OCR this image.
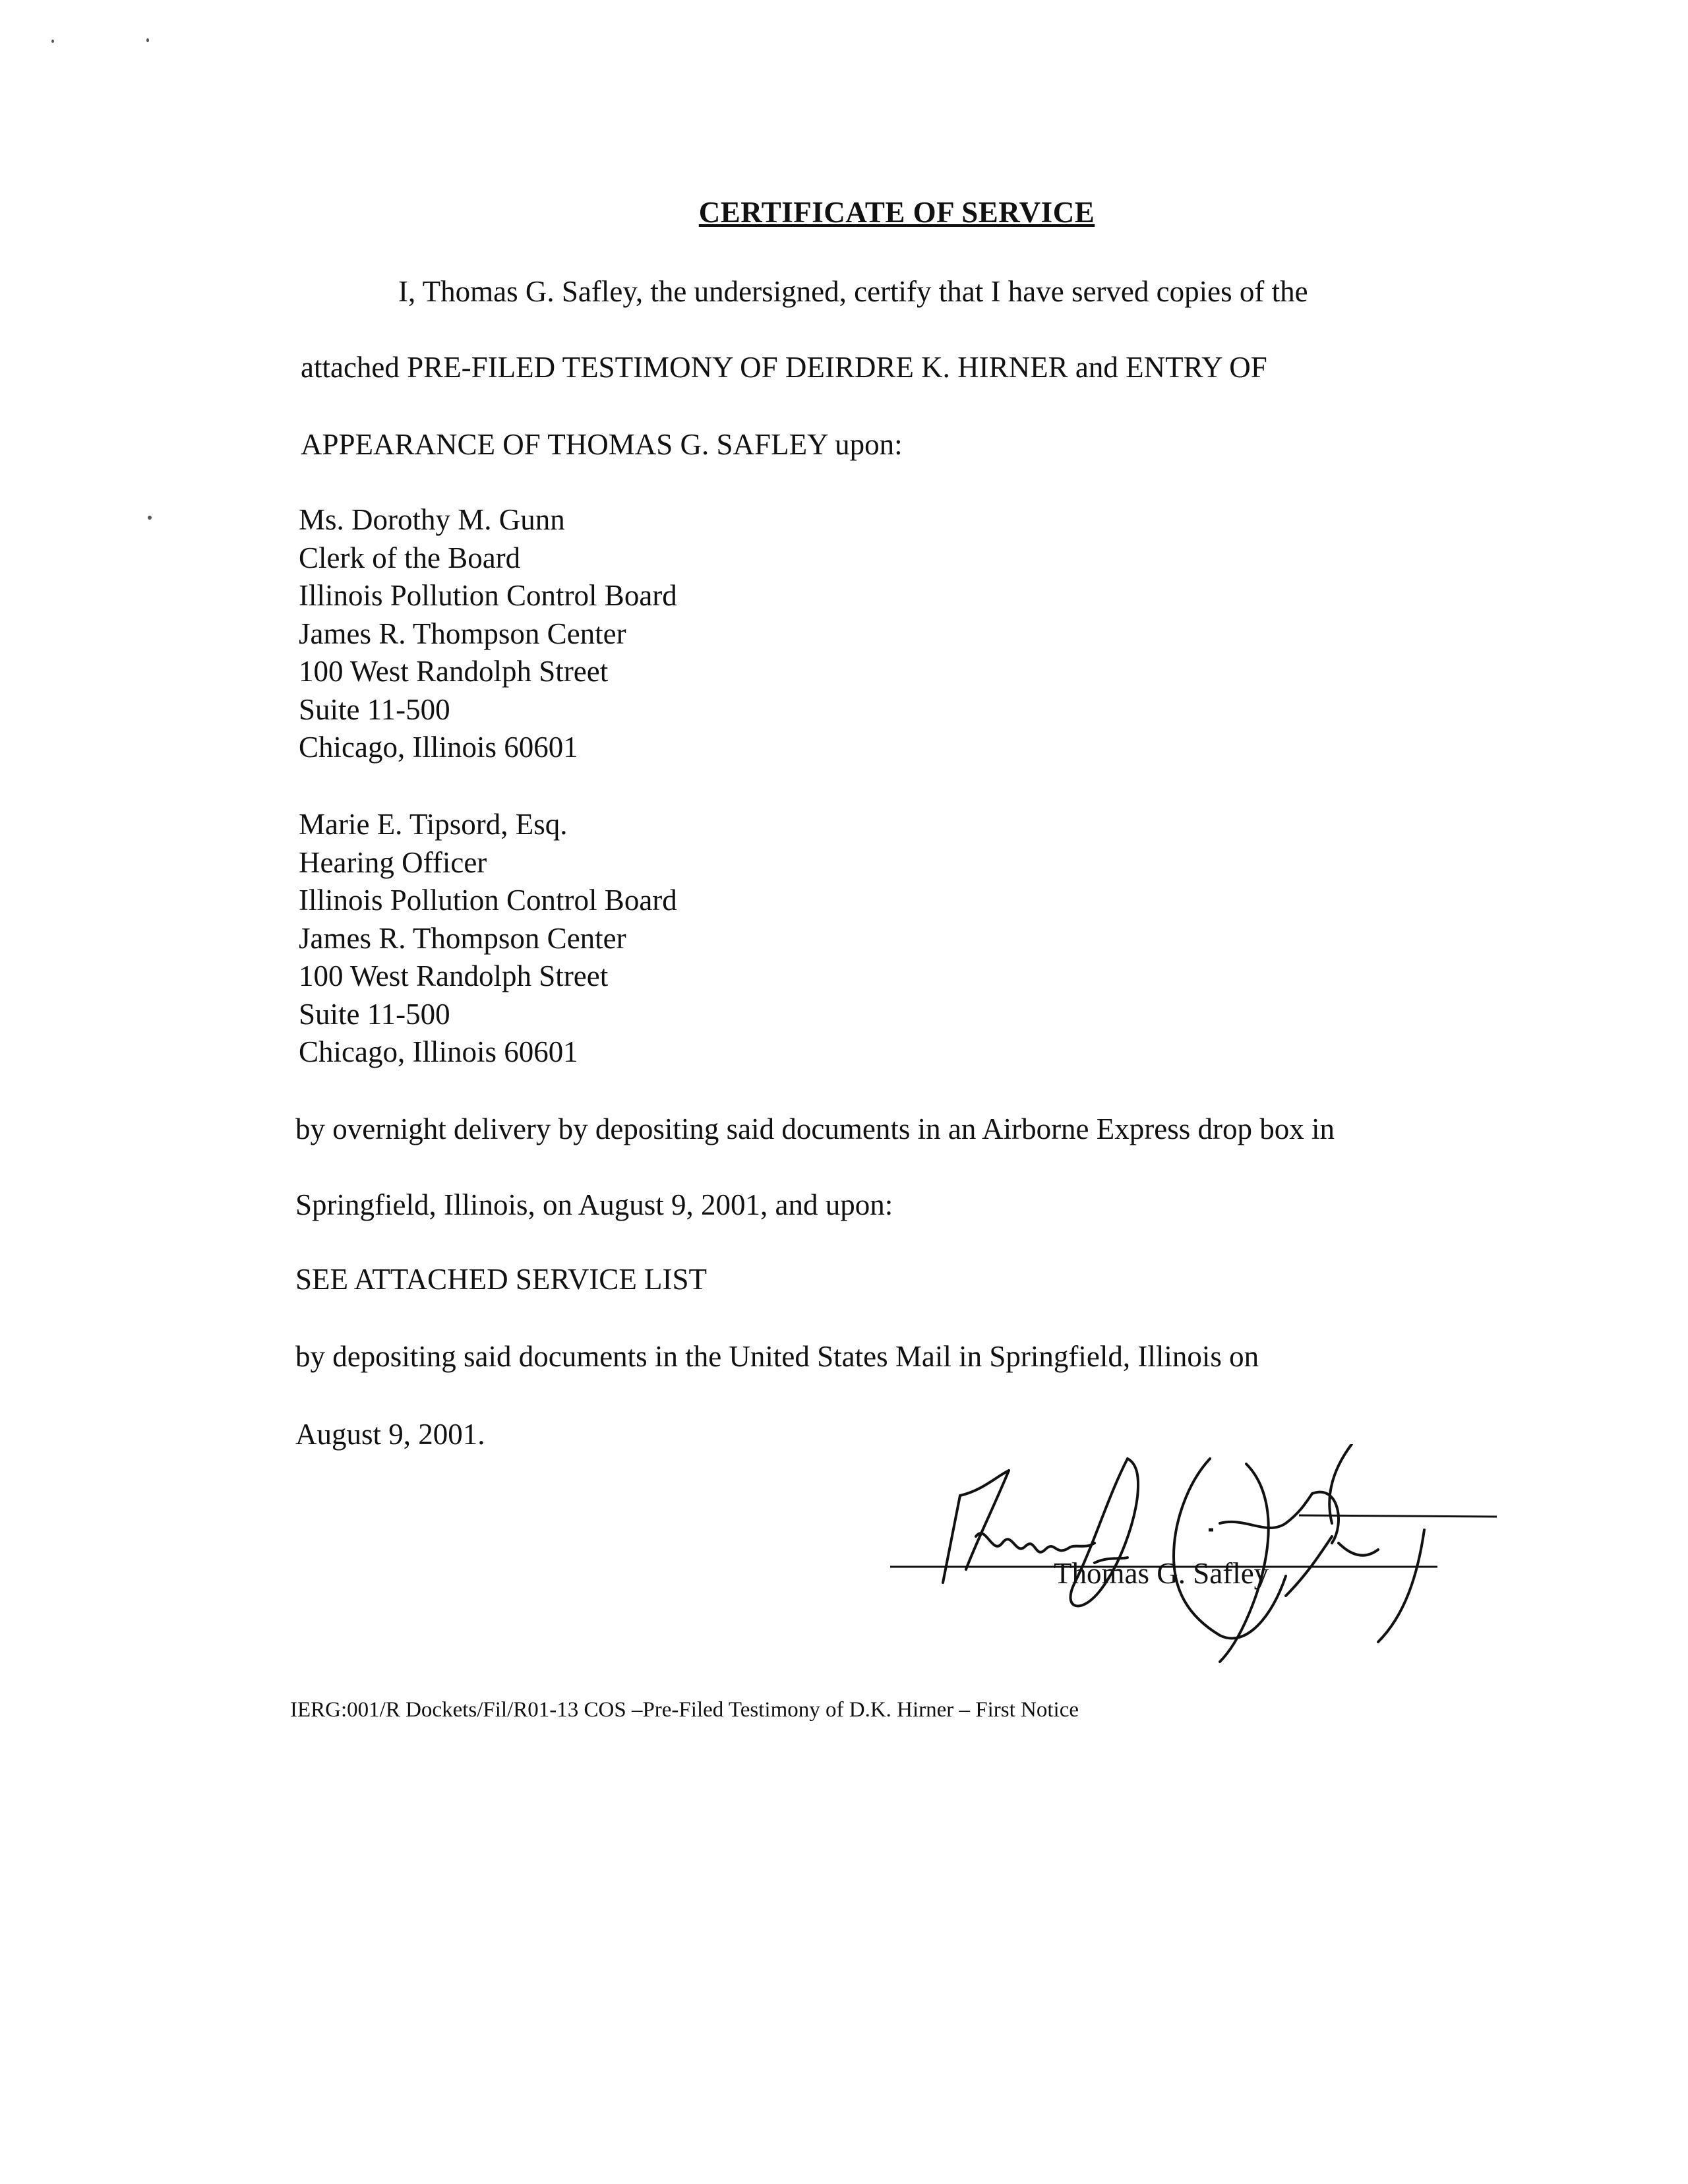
CERTIFICATE OF SERVICE
I, Thomas G. Safley, the undersigned, certify that I have served copies of the
attached PRE-FILED TESTIMONY OF DEIRDRE K. HIRNER and ENTRY OF
APPEARANCE OF THOMAS G. SAFLEY upon:
Ms. Dorothy M. Gunn
Clerk of the Board
Illinois Pollution Control Board
James R. Thompson Center
100 West Randolph Street
Suite 11-500
Chicago, Illinois 60601
Marie E. Tipsord, Esq.
Hearing Officer
Illinois Pollution Control Board
James R. Thompson Center
100 West Randolph Street
Suite 11-500
Chicago, Illinois 60601
by overnight delivery by depositing said documents in an Airborne Express drop box in
Springfield, Illinois, on August 9, 2001, and upon:
SEE ATTACHED SERVICE LIST
by depositing said documents in the United States Mail in Springfield, Illinois on
August 9, 2001.
Thomas G. Safley
IERG:001/R Dockets/Fil/R01-13 COS –Pre-Filed Testimony of D.K. Hirner – First Notice
